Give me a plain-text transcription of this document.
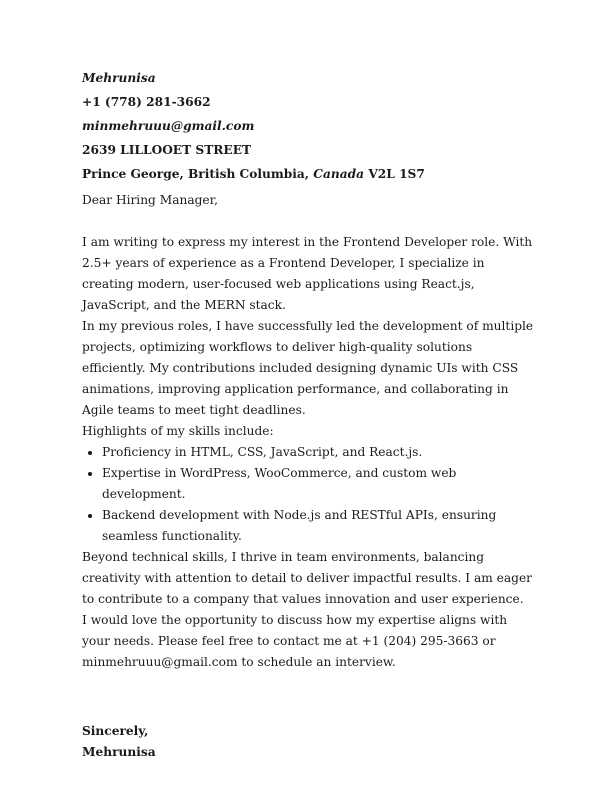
Mehrunisa
+1 (778) 281-3662
minmehruuu@gmail.com
2639 LILLOOET STREET
Prince George, British Columbia, Canada V2L 1S7
Dear Hiring Manager,

I am writing to express my interest in the Frontend Developer role. With 2.5+ years of experience as a Frontend Developer, I specialize in creating modern, user-focused web applications using React.js, JavaScript, and the MERN stack.

In my previous roles, I have successfully led the development of multiple projects, optimizing workflows to deliver high-quality solutions efficiently. My contributions included designing dynamic UIs with CSS animations, improving application performance, and collaborating in Agile teams to meet tight deadlines.

Highlights of my skills include:

• Proficiency in HTML, CSS, JavaScript, and React.js.
• Expertise in WordPress, WooCommerce, and custom web development.
• Backend development with Node.js and RESTful APIs, ensuring seamless functionality.

Beyond technical skills, I thrive in team environments, balancing creativity with attention to detail to deliver impactful results. I am eager to contribute to a company that values innovation and user experience.

I would love the opportunity to discuss how my expertise aligns with your needs. Please feel free to contact me at +1 (204) 295-3663 or minmehruuu@gmail.com to schedule an interview.

Sincerely,
Mehrunisa
